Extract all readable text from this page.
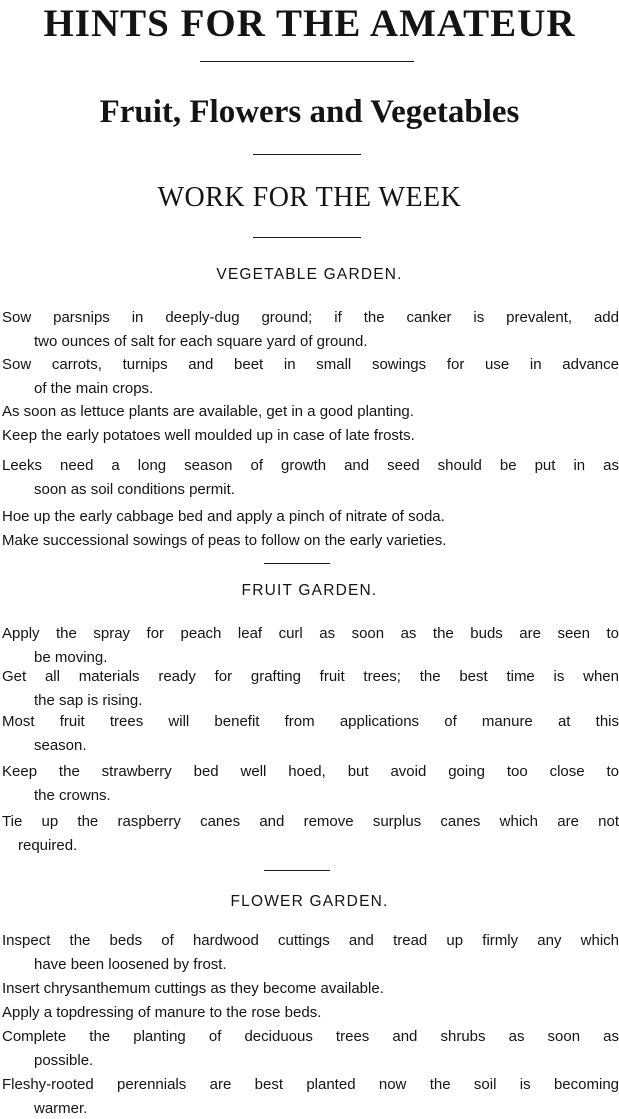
HINTS FOR THE AMATEUR
Fruit, Flowers and Vegetables
WORK FOR THE WEEK

VEGETABLE GARDEN.

Sow parsnips in deeply-dug ground; if the canker is prevalent, add
two ounces of salt for each square yard of ground.

Sow carrots, turnips and beet in small sowings for use in advance
of the main crops.

As soon as lettuce plants are available, get in a good planting.

Keep the early potatoes well moulded up in case of late frosts.

Leeks need a long season of growth and seed should be put in as
soon as soil conditions permit.

Hoe up the early cabbage bed and apply a pinch of nitrate of soda.

Make successional sowings of peas to follow on the early varieties.

FRUIT GARDEN.

Apply the spray for peach leaf curl as soon as the buds are seen to
be moving.

Get all materials ready for grafting fruit trees; the best time is when
the sap is rising.

Most fruit trees will benefit from applications of manure at this
season.

Keep the strawberry bed well hoed, but avoid going too close to
the crowns.

Tie up the raspberry canes and remove surplus canes which are not
required.

FLOWER GARDEN.

Inspect the beds of hardwood cuttings and tread up firmly any which
have been loosened by frost.

Insert chrysanthemum cuttings as they become available.

Apply a topdressing of manure to the rose beds.

Complete the planting of deciduous trees and shrubs as soon as
possible.

Fleshy-rooted perennials are best planted now the soil is becoming
warmer.
